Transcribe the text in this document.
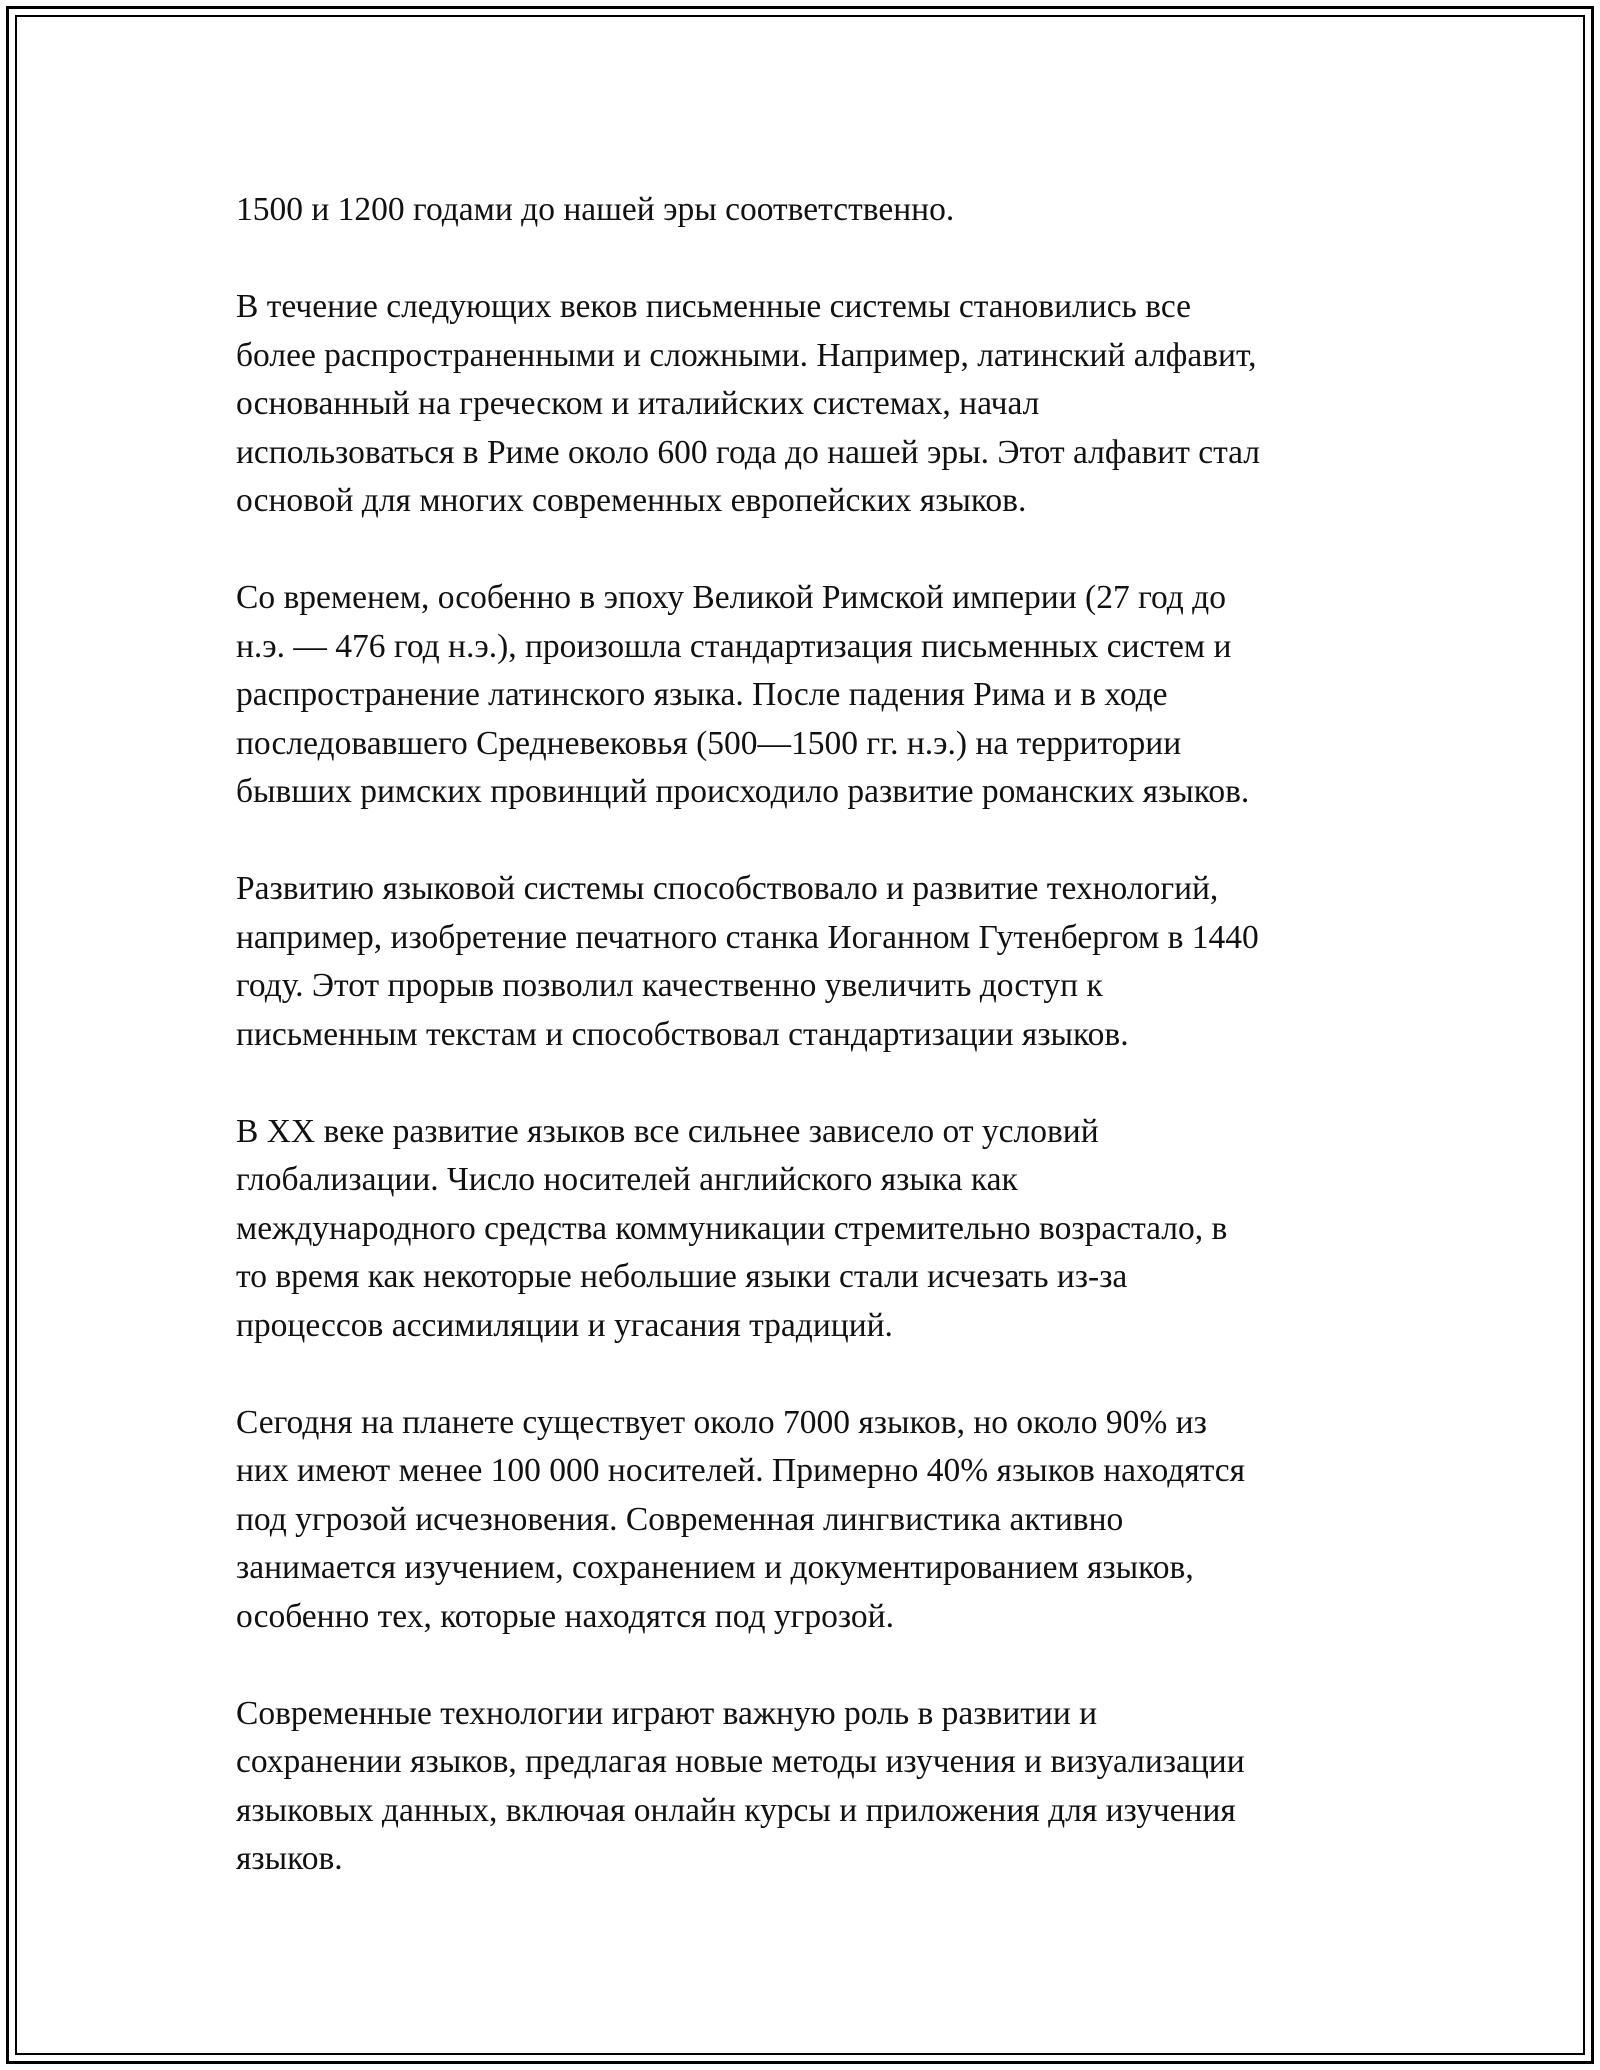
1500 и 1200 годами до нашей эры соответственно.

В течение следующих веков письменные системы становились все
более распространенными и сложными. Например, латинский алфавит,
основанный на греческом и италийских системах, начал
использоваться в Риме около 600 года до нашей эры. Этот алфавит стал
основой для многих современных европейских языков.

Со временем, особенно в эпоху Великой Римской империи (27 год до
н.э. — 476 год н.э.), произошла стандартизация письменных систем и
распространение латинского языка. После падения Рима и в ходе
последовавшего Средневековья (500—1500 гг. н.э.) на территории
бывших римских провинций происходило развитие романских языков.

Развитию языковой системы способствовало и развитие технологий,
например, изобретение печатного станка Иоганном Гутенбергом в 1440
году. Этот прорыв позволил качественно увеличить доступ к
письменным текстам и способствовал стандартизации языков.

В XX веке развитие языков все сильнее зависело от условий
глобализации. Число носителей английского языка как
международного средства коммуникации стремительно возрастало, в
то время как некоторые небольшие языки стали исчезать из-за
процессов ассимиляции и угасания традиций.

Сегодня на планете существует около 7000 языков, но около 90% из
них имеют менее 100 000 носителей. Примерно 40% языков находятся
под угрозой исчезновения. Современная лингвистика активно
занимается изучением, сохранением и документированием языков,
особенно тех, которые находятся под угрозой.

Современные технологии играют важную роль в развитии и
сохранении языков, предлагая новые методы изучения и визуализации
языковых данных, включая онлайн курсы и приложения для изучения
языков.
